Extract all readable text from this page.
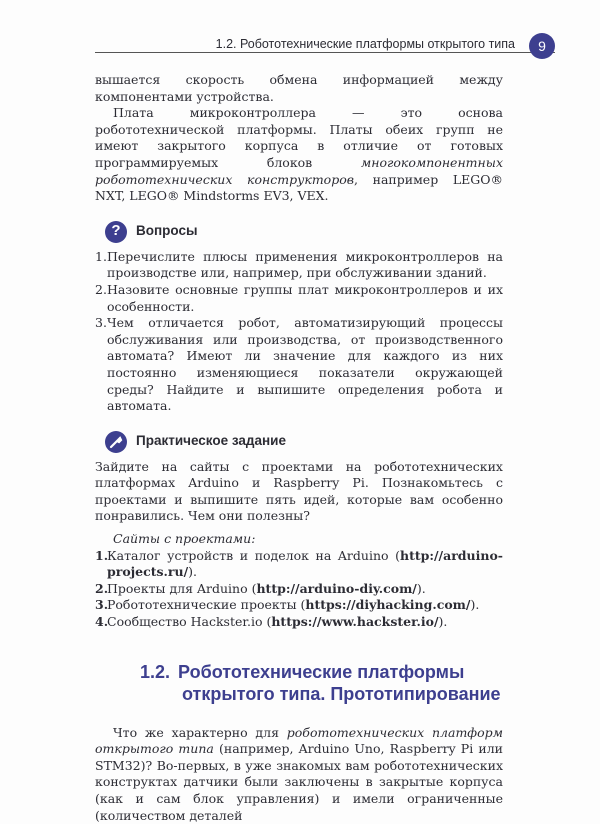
1.2. Робототехнические платформы открытого типа	9

вышается скорость обмена информацией между компонентами устройства.

Плата микроконтроллера — это основа робототехнической платформы. Платы обеих групп не имеют закрытого корпуса в отличие от готовых программируемых блоков многокомпонентных робототехнических конструкторов, например LEGO® NXT, LEGO® Mindstorms EV3, VEX.

?	Вопросы
1. Перечислите плюсы применения микроконтроллеров на производстве или, например, при обслуживании зданий.
2. Назовите основные группы плат микроконтроллеров и их особенности.
3. Чем отличается робот, автоматизирующий процессы обслуживания или производства, от производственного автомата? Имеют ли значение для каждого из них постоянно изменяющиеся показатели окружающей среды? Найдите и выпишите определения робота и автомата.
Практическое задание

Зайдите на сайты с проектами на робототехнических платформах Arduino и Raspberry Pi. Познакомьтесь с проектами и выпишите пять идей, которые вам особенно понравились. Чем они полезны?

Сайты с проектами:

1.
Каталог устройств и поделок на Arduino (http://arduino-projects.ru/).
2.
Проекты для Arduino (http://arduino-diy.com/).
3.
Робототехнические проекты (https://diyhacking.com/).
4.
Сообщество Hackster.io (https://www.hackster.io/).
1.2. Робототехнические платформы
открытого типа. Прототипирование

Что же характерно для робототехнических платформ открытого типа (например, Arduino Uno, Raspberry Pi или STM32)? Во-первых, в уже знакомых вам робототехнических конструктах датчики были заключены в закрытые корпуса (как и сам блок управления) и имели ограниченные (количеством деталей
